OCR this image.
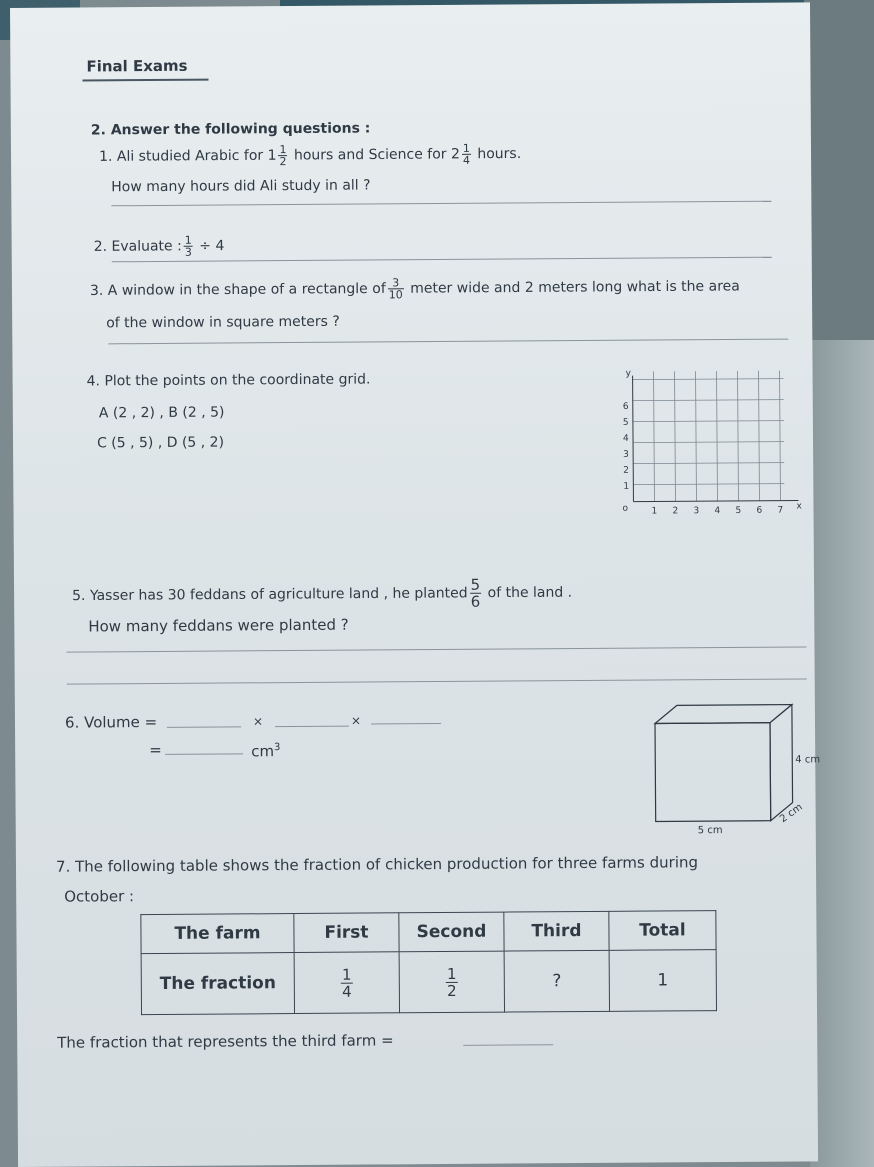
Final Exams
2. Answer the following questions :
1. Ali studied Arabic for $1 \frac{1}{2}$ hours and Science for $2 \frac{1}{4}$ hours.
How many hours did Ali study in all ?
2. Evaluate : $\frac{1}{3} \div 4$
3. A window in the shape of a rectangle of $\frac{3}{10}$ meter wide and 2 meters long what is the area
of the window in square meters ?
4. Plot the points on the coordinate grid.
A (2 , 2) , B (2 , 5)
C (5 , 5) , D (5 , 2)
x
y
o	1 2 3 4 5 6 7
1
2
3
4
5
6
5. Yasser has 30 feddans of agriculture land , he planted $\frac{5}{6}$ of the land .
How many feddans were planted ?
6. Volume =	×	×
=	$cm^3$
4 cm
5 cm
2 cm
7. The following table shows the fraction of chicken production for three farms during
October :
The farm	First	Second	Third	Total
The fraction	$\frac{1}{4}$	$\frac{1}{2}$	?	1
The fraction that represents the third farm =
